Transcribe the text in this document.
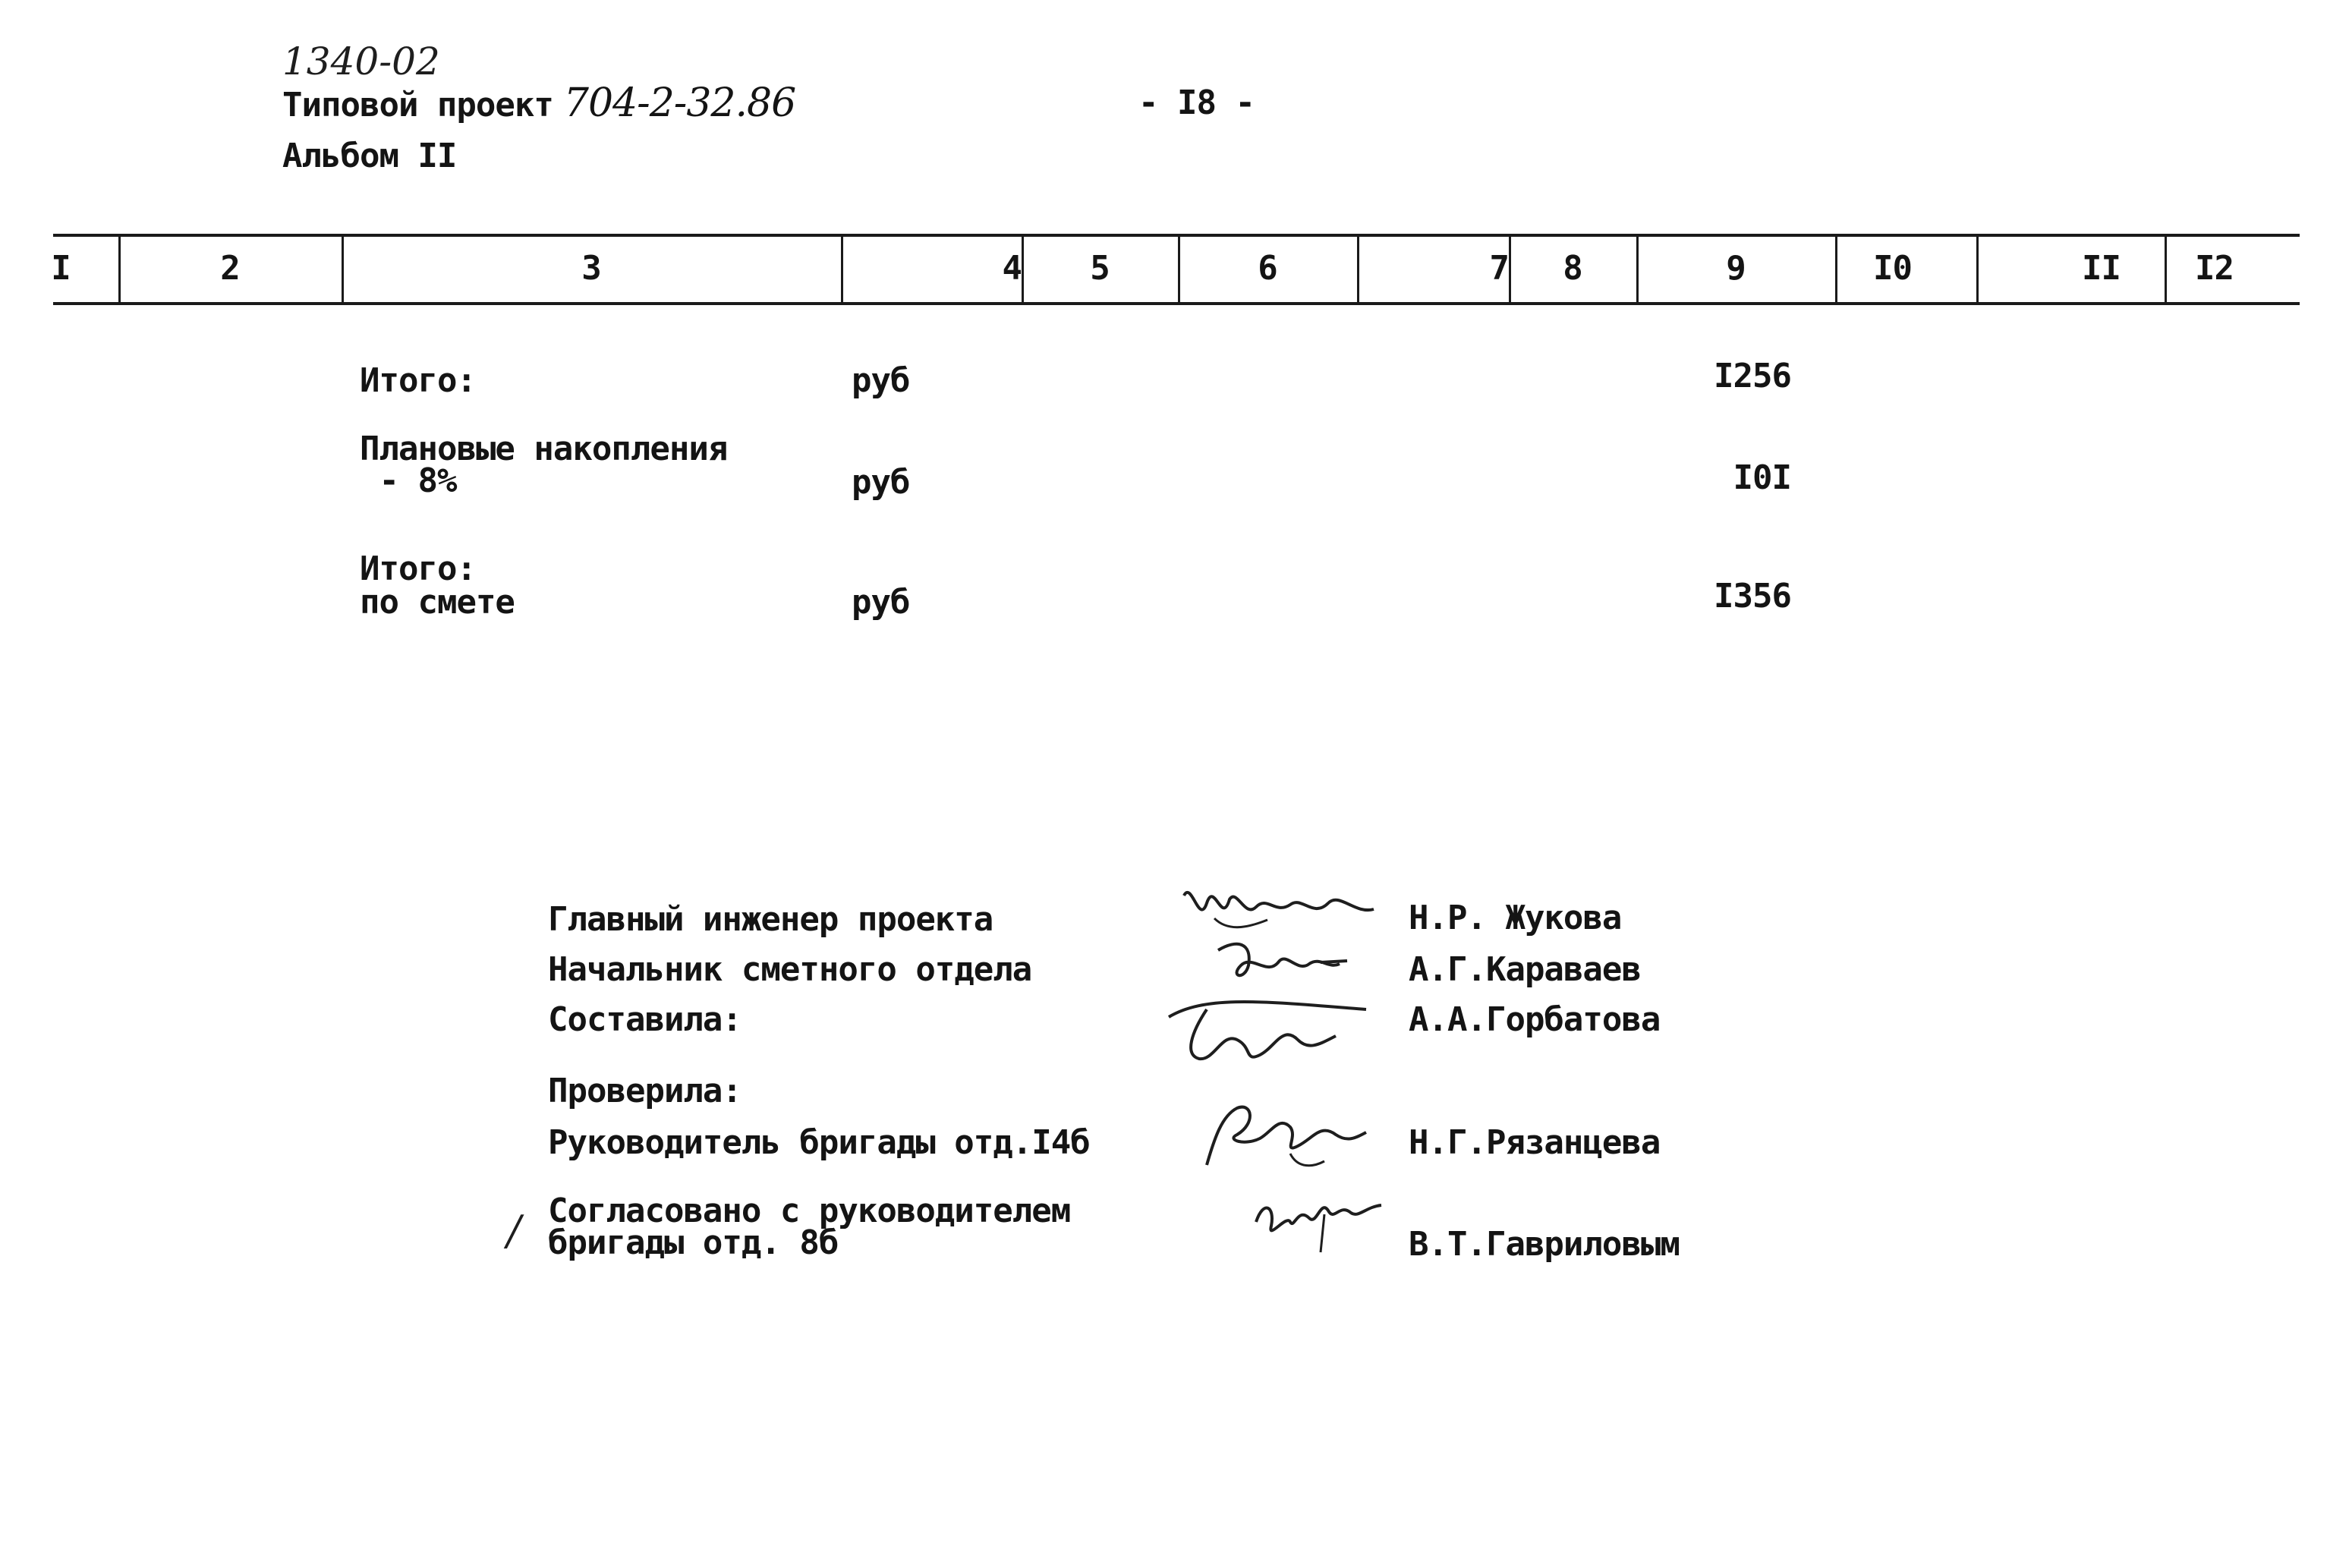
1340-02
Типовой проект 704-2-32.86
Альбом II
- I8 -
I	2	3	4	5	6	7	8	9	I0	II	I2
Итого:	руб	I256
Плановые накопления
- 8%	руб	I0I
Итого:
по смете	руб	I356
Главный инженер проекта	Н.Р. Жукова
Начальник сметного отдела	А.Г.Караваев
Составила:	А.А.Горбатова
Проверила:
Руководитель бригады отд.I4б	Н.Г.Рязанцева
/ Согласовано с руководителем
бригады отд. 8б	В.Т.Гавриловым
